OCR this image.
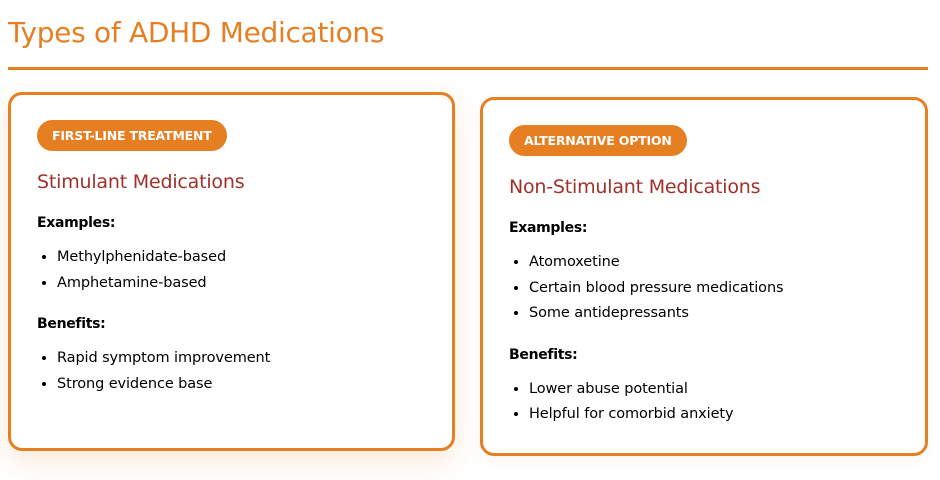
Types of ADHD Medications
FIRST-LINE TREATMENT
Stimulant Medications
Examples:
• Methylphenidate-based
• Amphetamine-based
Benefits:
• Rapid symptom improvement
• Strong evidence base
ALTERNATIVE OPTION
Non-Stimulant Medications
Examples:
• Atomoxetine
• Certain blood pressure medications
• Some antidepressants
Benefits:
• Lower abuse potential
• Helpful for comorbid anxiety
